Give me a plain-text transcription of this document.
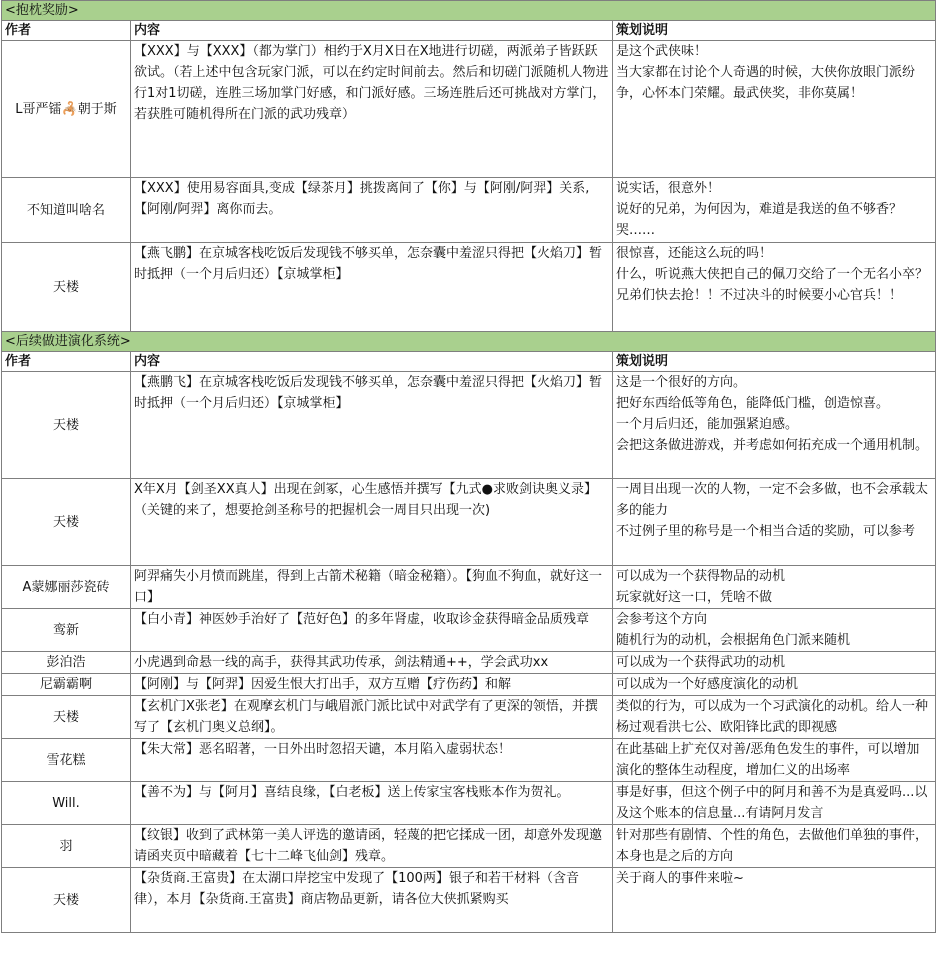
<抱枕奖励>		
作者	内容	策划说明
L哥严镭🦂朝于斯	【XXX】与【XXX】（都为掌门）相约于X月X日在X地进行切磋，两派弟子皆跃跃欲试。（若上述中包含玩家门派，可以在约定时间前去。然后和切磋门派随机人物进行1对1切磋，连胜三场加掌门好感，和门派好感。三场连胜后还可挑战对方掌门，若获胜可随机得所在门派的武功残章）	是这个武侠味！
当大家都在讨论个人奇遇的时候，大侠你放眼门派纷争，心怀本门荣耀。最武侠奖，非你莫属！

不知道叫啥名	【XXX】使用易容面具,变成【绿茶月】挑拨离间了【你】与【阿刚/阿羿】关系,【阿刚/阿羿】离你而去。	说实话，很意外！
说好的兄弟，为何因为，难道是我送的鱼不够香？哭……

天楼	【燕飞鹏】在京城客栈吃饭后发现钱不够买单，怎奈囊中羞涩只得把【火焰刀】暂时抵押（一个月后归还）【京城掌柜】	很惊喜，还能这么玩的吗！
什么，听说燕大侠把自己的佩刀交给了一个无名小卒？兄弟们快去抢！！不过决斗的时候要小心官兵！！

<后续做进演化系统>		
作者	内容	策划说明
天楼	【燕鹏飞】在京城客栈吃饭后发现钱不够买单，怎奈囊中羞涩只得把【火焰刀】暂时抵押（一个月后归还）【京城掌柜】	这是一个很好的方向。
把好东西给低等角色，能降低门槛，创造惊喜。
一个月后归还，能加强紧迫感。
会把这条做进游戏，并考虑如何拓充成一个通用机制。

天楼	X年X月【剑圣XX真人】出现在剑冢，心生感悟并撰写【九式●求败剑诀奥义录】（关键的来了，想要抢剑圣称号的把握机会一周目只出现一次)	一周目出现一次的人物，一定不会多做，也不会承载太多的能力
不过例子里的称号是一个相当合适的奖励，可以参考

A蒙娜丽莎瓷砖	阿羿痛失小月愤而跳崖，得到上古箭术秘籍（暗金秘籍）。【狗血不狗血，就好这一口】	可以成为一个获得物品的动机
玩家就好这一口，凭啥不做

鸾新	【白小青】神医妙手治好了【范好色】的多年肾虚，收取诊金获得暗金品质残章	会参考这个方向
随机行为的动机，会根据角色门派来随机

彭泊浩	小虎遇到命悬一线的高手，获得其武功传承，剑法精通++，学会武功xx	可以成为一个获得武功的动机

尼霸霸啊	【阿刚】与【阿羿】因爱生恨大打出手，双方互赠【疗伤药】和解	可以成为一个好感度演化的动机

天楼	【玄机门X张老】在观摩玄机门与峨眉派门派比试中对武学有了更深的领悟，并撰写了【玄机门奥义总纲】。	类似的行为，可以成为一个习武演化的动机。给人一种杨过观看洪七公、欧阳锋比武的即视感

雪花糕	【朱大常】恶名昭著，一日外出时忽招天谴，本月陷入虚弱状态！	在此基础上扩充仅对善/恶角色发生的事件，可以增加演化的整体生动程度，增加仁义的出场率

Will.	【善不为】与【阿月】喜结良缘，【白老板】送上传家宝客栈账本作为贺礼。	事是好事，但这个例子中的阿月和善不为是真爱吗...以及这个账本的信息量...有请阿月发言

羽	【纹银】收到了武林第一美人评选的邀请函，轻蔑的把它揉成一团，却意外发现邀请函夹页中暗藏着【七十二峰飞仙剑】残章。	针对那些有剧情、个性的角色，去做他们单独的事件，本身也是之后的方向

天楼	【杂货商.王富贵】在太湖口岸挖宝中发现了【100两】银子和若干材料（含音律），本月【杂货商.王富贵】商店物品更新，请各位大侠抓紧购买	关于商人的事件来啦~
